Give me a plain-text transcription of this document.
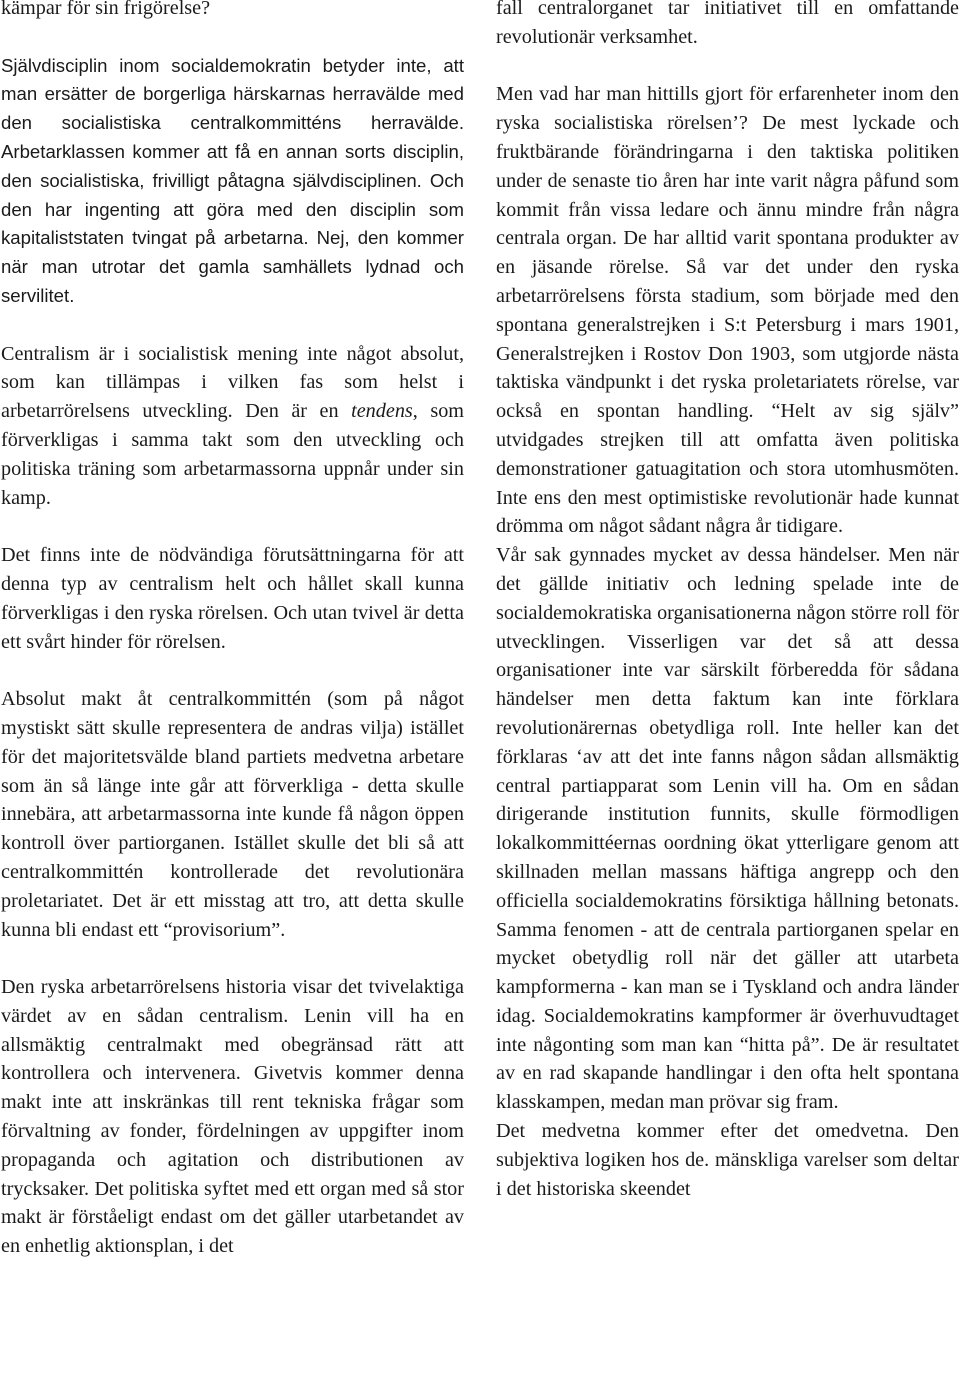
kämpar för sin frigörelse?

Självdisciplin inom socialdemokratin betyder inte, att man ersätter de borgerliga härskarnas herravälde med den socialistiska centralkommitténs herravälde. Arbetarklassen kommer att få en annan sorts disciplin, den socialistiska, frivilligt påtagna självdisciplinen. Och den har ingenting att göra med den disciplin som kapitaliststaten tvingat på arbetarna. Nej, den kommer när man utrotar det gamla samhällets lydnad och servilitet.

Centralism är i socialistisk mening inte något absolut, som kan tillämpas i vilken fas som helst i arbetarrörelsens utveckling. Den är en tendens, som förverkligas i samma takt som den utveckling och politiska träning som arbetarmassorna uppnår under sin kamp.

Det finns inte de nödvändiga förutsättningarna för att denna typ av centralism helt och hållet skall kunna förverkligas i den ryska rörelsen. Och utan tvivel är detta ett svårt hinder för rörelsen.

Absolut makt åt centralkommittén (som på något mystiskt sätt skulle representera de andras vilja) istället för det majoritetsvälde bland partiets medvetna arbetare som än så länge inte går att förverkliga - detta skulle innebära, att arbetarmassorna inte kunde få någon öppen kontroll över partiorganen. Istället skulle det bli så att centralkommittén kontrollerade det revolutionära proletariatet. Det är ett misstag att tro, att detta skulle kunna bli endast ett “provisorium”.

Den ryska arbetarrörelsens historia visar det tvivelaktiga värdet av en sådan centralism. Lenin vill ha en allsmäktig centralmakt med obegränsad rätt att kontrollera och intervenera. Givetvis kommer denna makt inte att inskränkas till rent tekniska frågar som förvaltning av fonder, fördelningen av uppgifter inom propaganda och agitation och distributionen av trycksaker. Det politiska syftet med ett organ med så stor makt är förståeligt endast om det gäller utarbetandet av en enhetlig aktionsplan, i det

fall centralorganet tar initiativet till en omfattande revolutionär verksamhet.

Men vad har man hittills gjort för erfarenheter inom den ryska socialistiska rörelsen’? De mest lyckade och fruktbärande förändringarna i den taktiska politiken under de senaste tio åren har inte varit några påfund som kommit från vissa ledare och ännu mindre från några centrala organ. De har alltid varit spontana produkter av en jäsande rörelse. Så var det under den ryska arbetarrörelsens första stadium, som började med den spontana generalstrejken i S:t Petersburg i mars 1901, Generalstrejken i Rostov Don 1903, som utgjorde nästa taktiska vändpunkt i det ryska proletariatets rörelse, var också en spontan handling. “Helt av sig själv” utvidgades strejken till att omfatta även politiska demonstrationer gatuagitation och stora utomhusmöten. Inte ens den mest optimistiske revolutionär hade kunnat drömma om något sådant några år tidigare.

Vår sak gynnades mycket av dessa händelser. Men när det gällde initiativ och ledning spelade inte de socialdemokratiska organisationerna någon större roll för utvecklingen. Visserligen var det så att dessa organisationer inte var särskilt förberedda för sådana händelser men detta faktum kan inte förklara revolutionärernas obetydliga roll. Inte heller kan det förklaras ‘av att det inte fanns någon sådan allsmäktig central partiapparat som Lenin vill ha. Om en sådan dirigerande institution funnits, skulle förmodligen lokalkommittéernas oordning ökat ytterligare genom att skillnaden mellan massans häftiga angrepp och den officiella socialdemokratins försiktiga hållning betonats. Samma fenomen - att de centrala partiorganen spelar en mycket obetydlig roll när det gäller att utarbeta kampformerna - kan man se i Tyskland och andra länder idag. Socialdemokratins kampformer är överhuvudtaget inte någonting som man kan “hitta på”. De är resultatet av en rad skapande handlingar i den ofta helt spontana klasskampen, medan man prövar sig fram.

Det medvetna kommer efter det omedvetna. Den subjektiva logiken hos de. mänskliga varelser som deltar i det historiska skeendet
